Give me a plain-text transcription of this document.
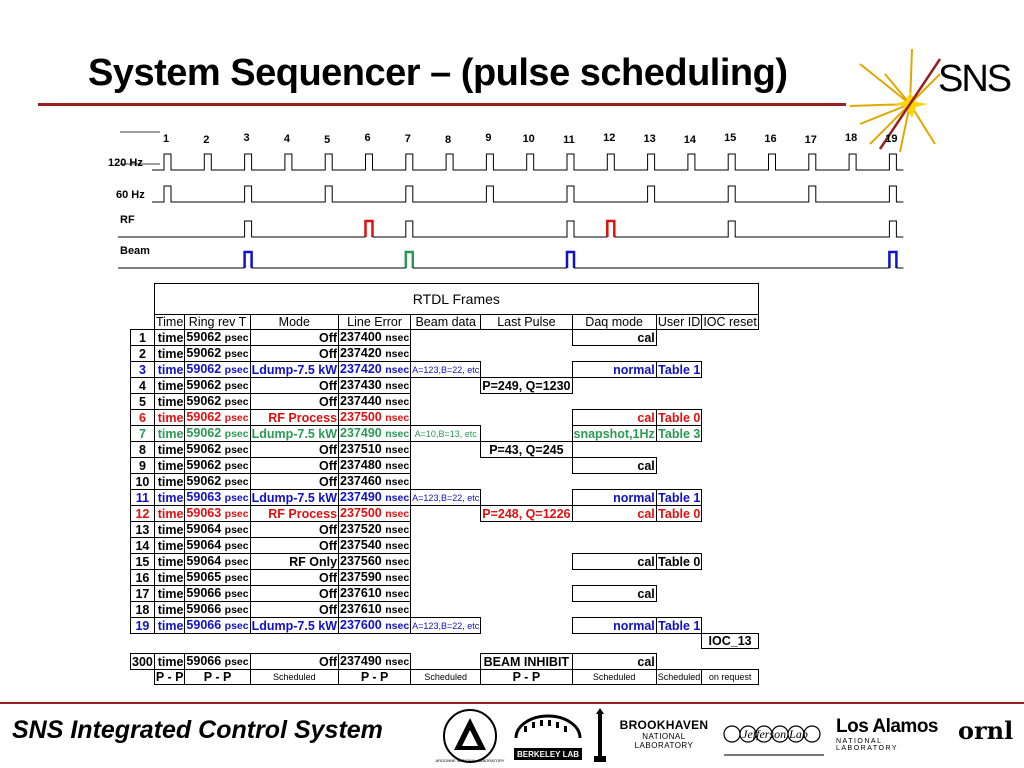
System Sequencer – (pulse scheduling)	SNS
1	2	3	4	5	6	7	8	9	10	11	12	13	14	15	16	17	18	19
120 Hz
60 Hz
RF
Beam
	RTDL Frames								
	Time	Ring rev T	Mode	Line Error	Beam data	Last Pulse	Daq mode	User ID	IOC reset
1	time	59062 psec	Off	237400 nsec			cal		
2	time	59062 psec	Off	237420 nsec					
3	time	59062 psec	Ldump-7.5 kW	237420 nsec	A=123,B=22, etc		normal	Table 1	
4	time	59062 psec	Off	237430 nsec		P=249, Q=1230			
5	time	59062 psec	Off	237440 nsec					
6	time	59062 psec	RF Process	237500 nsec			cal	Table 0	
7	time	59062 psec	Ldump-7.5 kW	237490 nsec	A=10,B=13, etc		snapshot,1Hz	Table 3	
8	time	59062 psec	Off	237510 nsec		P=43, Q=245			
9	time	59062 psec	Off	237480 nsec			cal		
10	time	59062 psec	Off	237460 nsec					
11	time	59063 psec	Ldump-7.5 kW	237490 nsec	A=123,B=22, etc		normal	Table 1	
12	time	59063 psec	RF Process	237500 nsec		P=248, Q=1226	cal	Table 0	
13	time	59064 psec	Off	237520 nsec					
14	time	59064 psec	Off	237540 nsec					
15	time	59064 psec	RF Only	237560 nsec			cal	Table 0	
16	time	59065 psec	Off	237590 nsec					
17	time	59066 psec	Off	237610 nsec			cal		
18	time	59066 psec	Off	237610 nsec					
19	time	59066 psec	Ldump-7.5 kW	237600 nsec	A=123,B=22, etc		normal	Table 1	
									IOC_13

300	time	59066 psec	Off	237490 nsec		BEAM INHIBIT	cal		
	P - P	P - P	Scheduled	P - P	Scheduled	P - P	Scheduled	Scheduled	on request
SNS Integrated Control System
ARGONNE NATIONAL LABORATORY
BERKELEY LAB
BROOKHAVEN
NATIONAL LABORATORY
Jefferson Lab Los Alamos
NATIONAL LABORATORY
ornl
